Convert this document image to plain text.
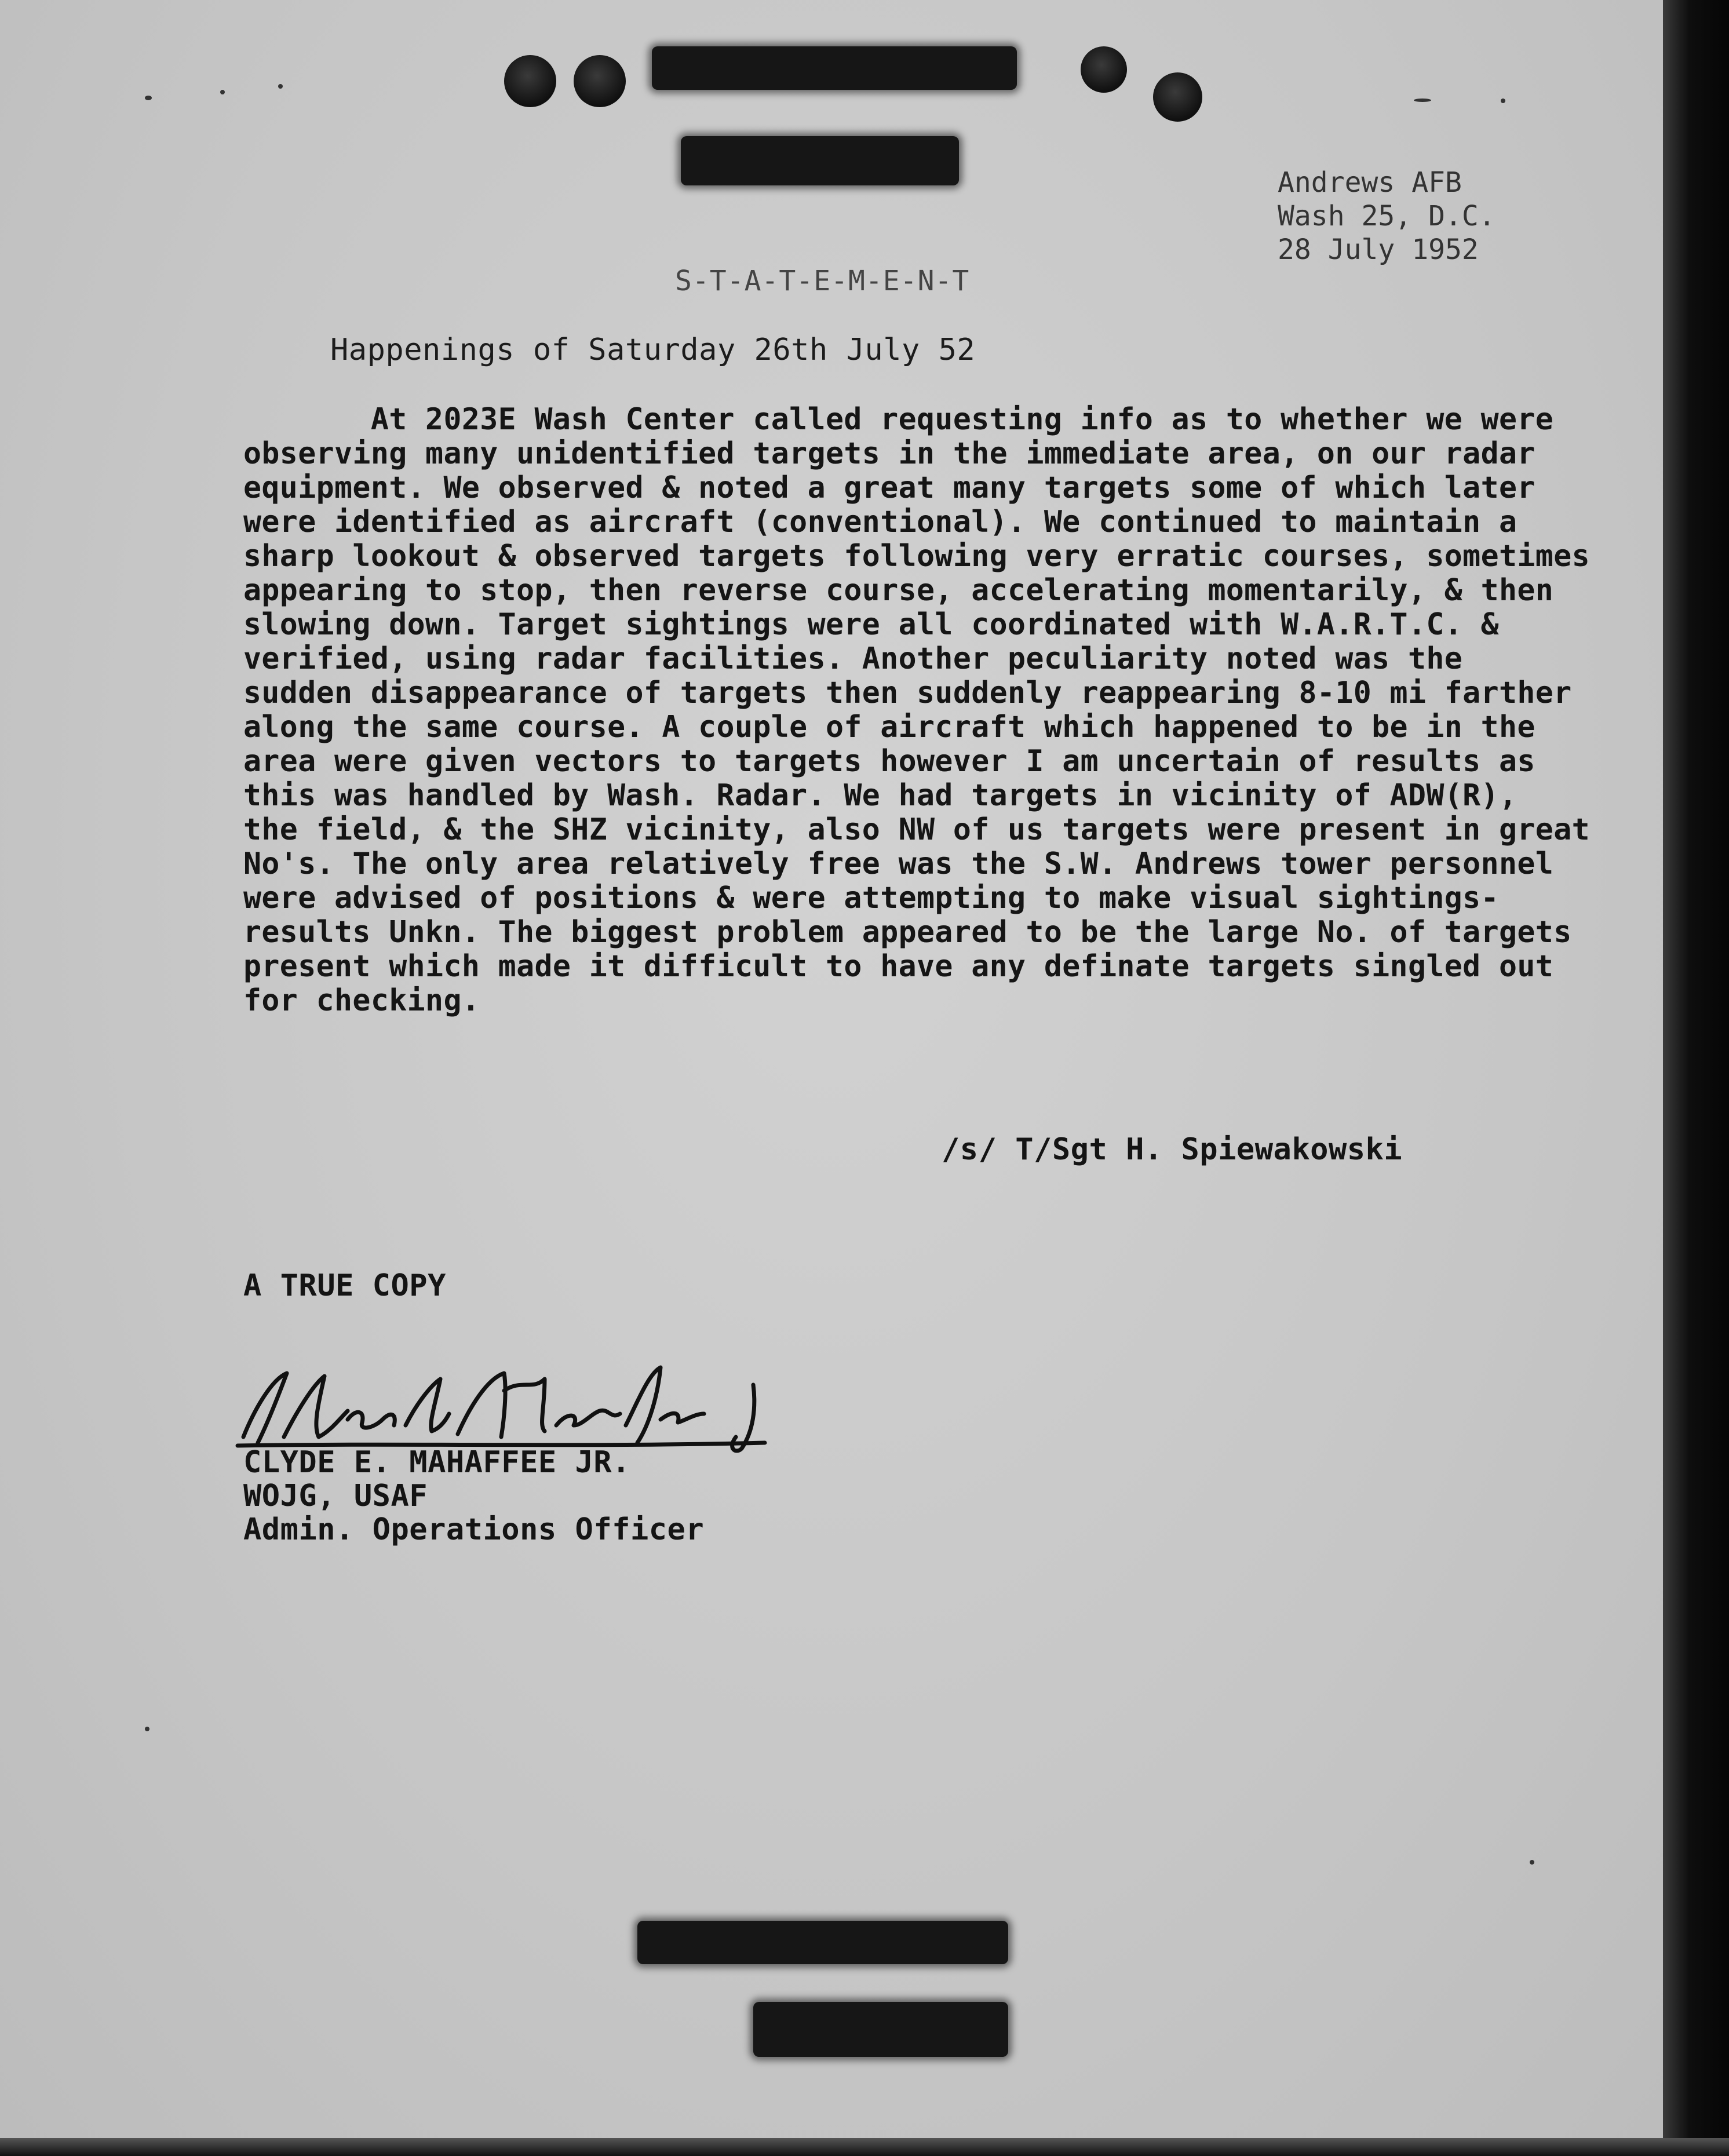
Andrews AFB
Wash 25, D.C.
28 July 1952
S-T-A-T-E-M-E-N-T
Happenings of Saturday 26th July 52
At 2023E Wash Center called requesting info as to whether we were
observing many unidentified targets in the immediate area, on our radar
equipment. We observed & noted a great many targets some of which later
were identified as aircraft (conventional). We continued to maintain a
sharp lookout & observed targets following very erratic courses, sometimes
appearing to stop, then reverse course, accelerating momentarily, & then
slowing down. Target sightings were all coordinated with W.A.R.T.C. &
verified, using radar facilities. Another peculiarity noted was the
sudden disappearance of targets then suddenly reappearing 8-10 mi farther
along the same course. A couple of aircraft which happened to be in the
area were given vectors to targets however I am uncertain of results as
this was handled by Wash. Radar. We had targets in vicinity of ADW(R),
the field, & the SHZ vicinity, also NW of us targets were present in great
No's. The only area relatively free was the S.W. Andrews tower personnel
were advised of positions & were attempting to make visual sightings-
results Unkn. The biggest problem appeared to be the large No. of targets
present which made it difficult to have any definate targets singled out
for checking.
/s/ T/Sgt H. Spiewakowski
A TRUE COPY
CLYDE E. MAHAFFEE JR.
WOJG, USAF
Admin. Operations Officer
